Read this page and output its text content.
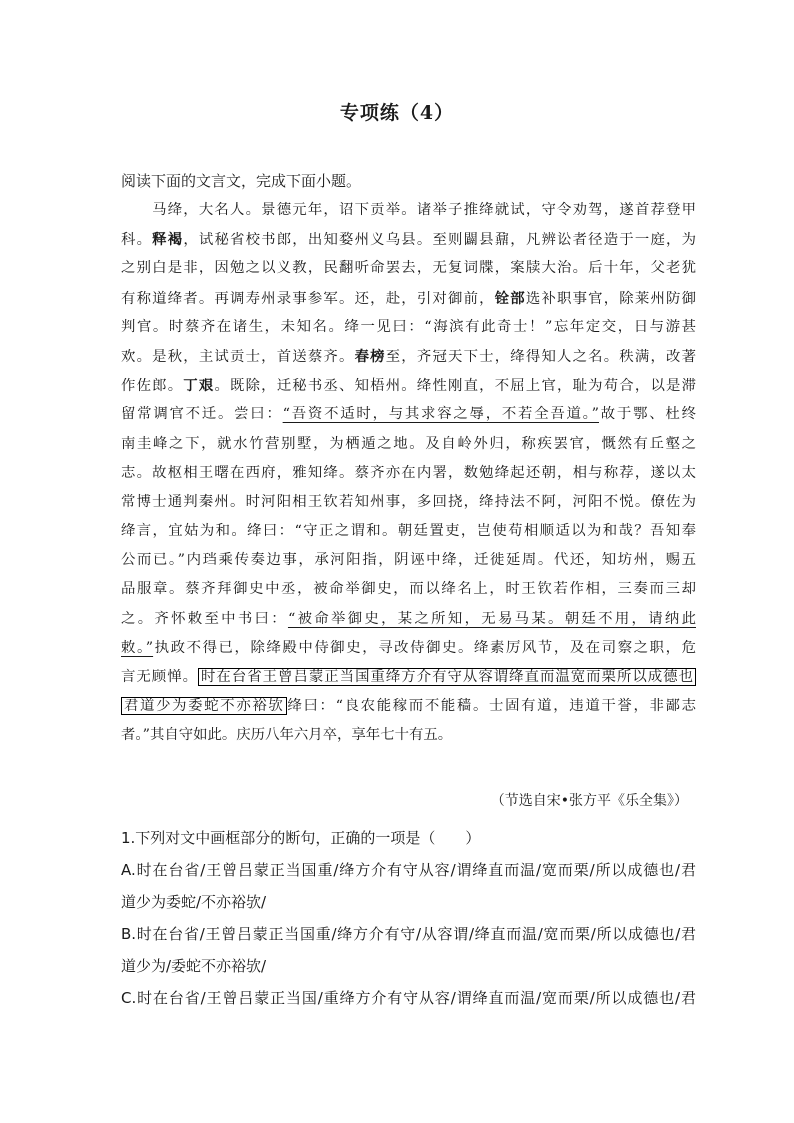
专项练（4）
阅读下面的文言文，完成下面小题。
　　马绛，大名人。景德元年，诏下贡举。诸举子推绛就试，守令劝驾，遂首荐登甲
科。释褐，试秘省校书郎，出知婺州义乌县。至则闢县鼐，凡辨讼者径造于一庭，为
之别白是非，因勉之以义教，民翻听命罢去，无复词牒，案牍大治。后十年，父老犹
有称道绛者。再调寿州录事参军。还，赴，引对御前，铨部选补职事官，除莱州防御
判官。时蔡齐在诸生，未知名。绛一见曰：“海滨有此奇士！”忘年定交，日与游甚
欢。是秋，主试贡士，首送蔡齐。春榜至，齐冠天下士，绛得知人之名。秩满，改著
作佐郎。丁艰。既除，迁秘书丞、知梧州。绛性刚直，不屈上官，耻为苟合，以是滞
留常调官不迁。尝曰：“吾资不适时，与其求容之辱，不若全吾道。”故于鄂、杜终
南圭峰之下，就水竹营别墅，为栖遁之地。及自岭外归，称疾罢官，慨然有丘壑之
志。故枢相王曙在西府，雅知绛。蔡齐亦在内署，数勉绛起还朝，相与称荐，遂以太
常博士通判秦州。时河阳相王钦若知州事，多回挠，绛持法不阿，河阳不悦。僚佐为
绛言，宜姑为和。绛曰：“守正之谓和。朝廷置吏，岂使苟相顺适以为和哉？吾知奉
公而已。”内珰乘传奏边事，承河阳指，阴诬中绛，迁徙延周。代还，知坊州，赐五
品服章。蔡齐拜御史中丞，被命举御史，而以绛名上，时王钦若作相，三奏而三却
之。齐怀敕至中书曰：“被命举御史，某之所知，无易马某。朝廷不用，请纳此
敕。”执政不得已，除绛殿中侍御史，寻改侍御史。绛素厉风节，及在司察之职，危
言无顾惮。 时在台省王曾吕蒙正当国重绛方介有守从容谓绛直而温宽而栗所以成德也
君道少为委蛇不亦裕欤 绛曰：“良农能稼而不能穑。士固有道，违道干誉，非鄙志
者。”其自守如此。庆历八年六月卒，享年七十有五。
（节选自宋•张方平《乐全集》）
1.下列对文中画框部分的断句，正确的一项是（　　）
A.时在台省/王曾吕蒙正当国重/绛方介有守从容/谓绛直而温/宽而栗/所以成德也/君
道少为委蛇/不亦裕欤/
B.时在台省/王曾吕蒙正当国重/绛方介有守/从容谓/绛直而温/宽而栗/所以成德也/君
道少为/委蛇不亦裕欤/
C.时在台省/王曾吕蒙正当国/重绛方介有守从容/谓绛直而温/宽而栗/所以成德也/君
